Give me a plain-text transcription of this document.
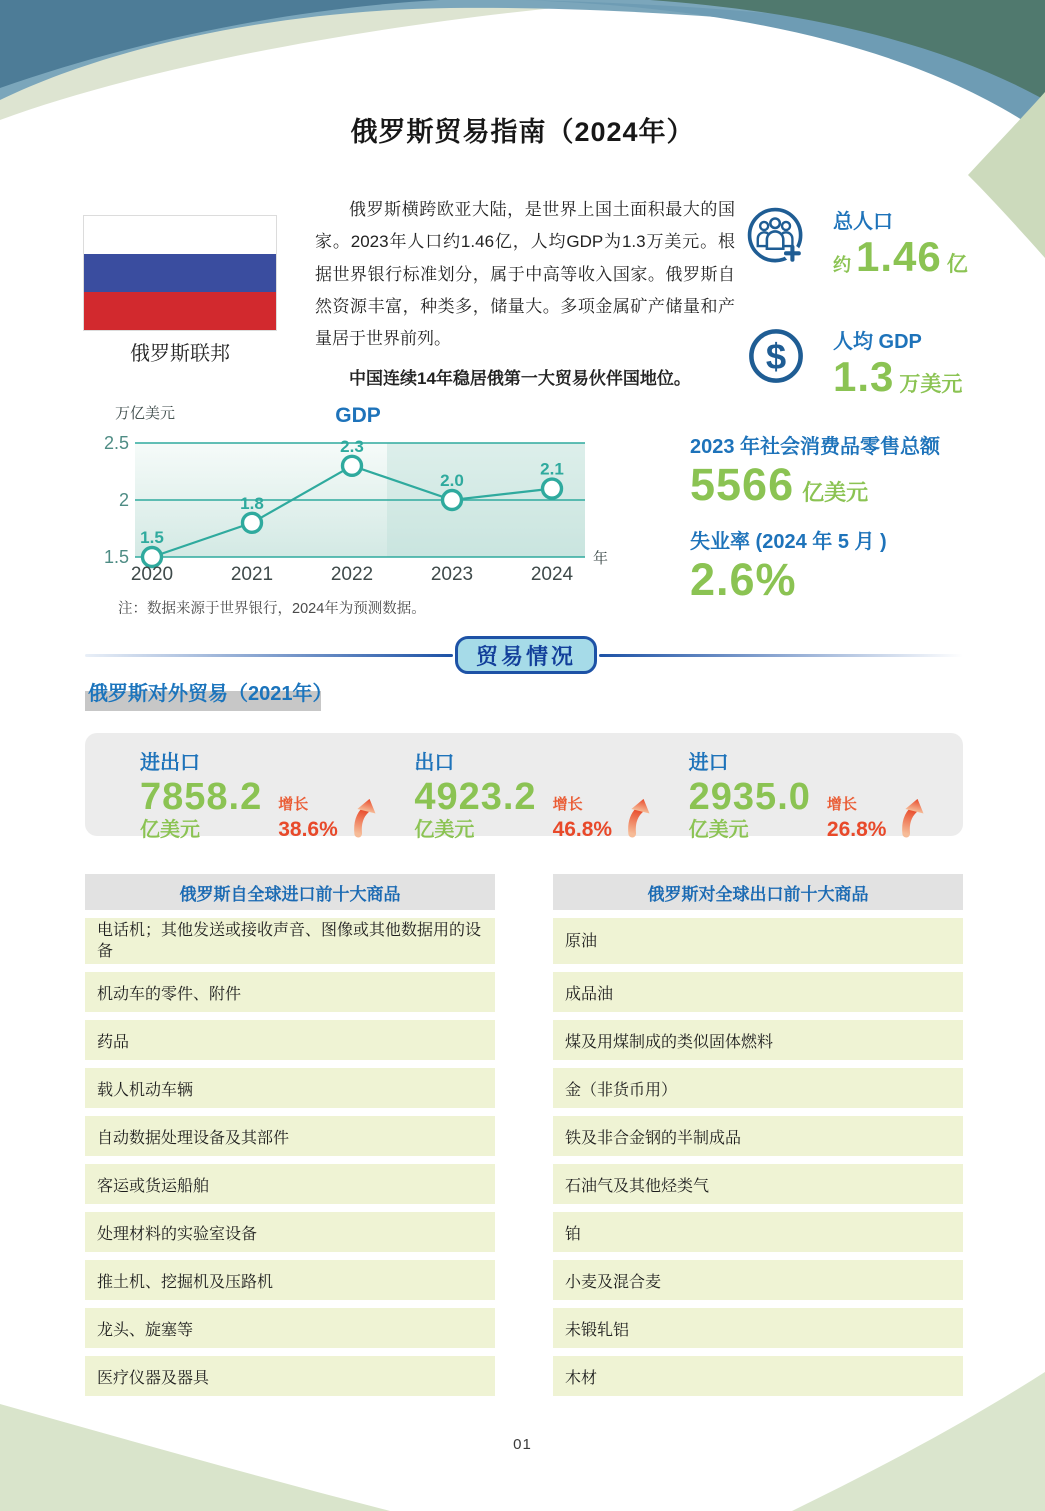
俄罗斯贸易指南（2024年）
俄罗斯联邦

俄罗斯横跨欧亚大陆，是世界上国土面积最大的国家。2023年人口约1.46亿，人均GDP为1.3万美元。根据世界银行标准划分，属于中高等收入国家。俄罗斯自然资源丰富，种类多，储量大。多项金属矿产储量和产量居于世界前列。

中国连续14年稳居俄第一大贸易伙伴国地位。

总人口
约 1.46 亿
$ 人均 GDP
1.3 万美元
2.5
2
1.5
GDP
万亿美元
年
1.5
2020
1.8
2021
2.3
2022
2.0
2023
2.1
2024
注：数据来源于世界银行，2024年为预测数据。
2023 年社会消费品零售总额
5566 亿美元
失业率 (2024 年 5 月 )
2.6%
贸易情况
俄罗斯对外贸易（2021年）
进出口
7858.2
亿美元
增长
38.6%
出口
4923.2
亿美元
增长
46.8%
进口
2935.0
亿美元
增长
26.8%
俄罗斯自全球进口前十大商品
电话机；其他发送或接收声音、图像或其他数据用的设备
机动车的零件、附件
药品
载人机动车辆
自动数据处理设备及其部件
客运或货运船舶
处理材料的实验室设备
推土机、挖掘机及压路机
龙头、旋塞等
医疗仪器及器具
俄罗斯对全球出口前十大商品
原油
成品油
煤及用煤制成的类似固体燃料
金（非货币用）
铁及非合金钢的半制成品
石油气及其他烃类气
铂
小麦及混合麦
未锻轧铝
木材
01
